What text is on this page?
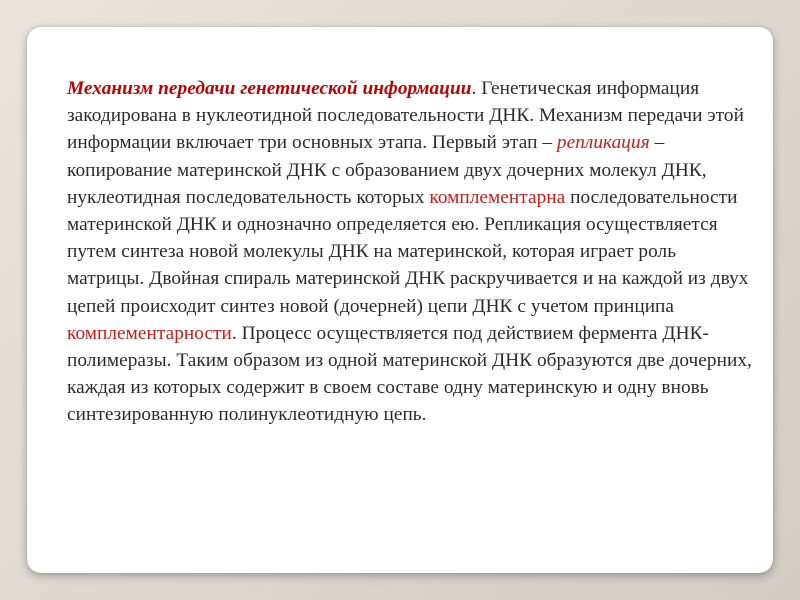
Механизм передачи генетической информации. Генетическая информация закодирована в нуклеотидной последовательности ДНК. Механизм передачи этой информации включает три основных этапа. Первый этап – репликация –копирование материнской ДНК с образованием двух дочерних молекул ДНК, нуклеотидная последовательность которых комплементарна последовательности материнской ДНК и однозначно определяется ею. Репликация осуществляется путем синтеза новой молекулы ДНК на материнской, которая играет роль матрицы. Двойная спираль материнской ДНК раскручивается и на каждой из двух цепей происходит синтез новой (дочерней) цепи ДНК с учетом принципа комплементарности. Процесс осуществляется под действием фермента ДНК-полимеразы. Таким образом из одной материнской ДНК образуются две дочерних, каждая из которых содержит в своем составе одну материнскую и одну вновь синтезированную полинуклеотидную цепь.
